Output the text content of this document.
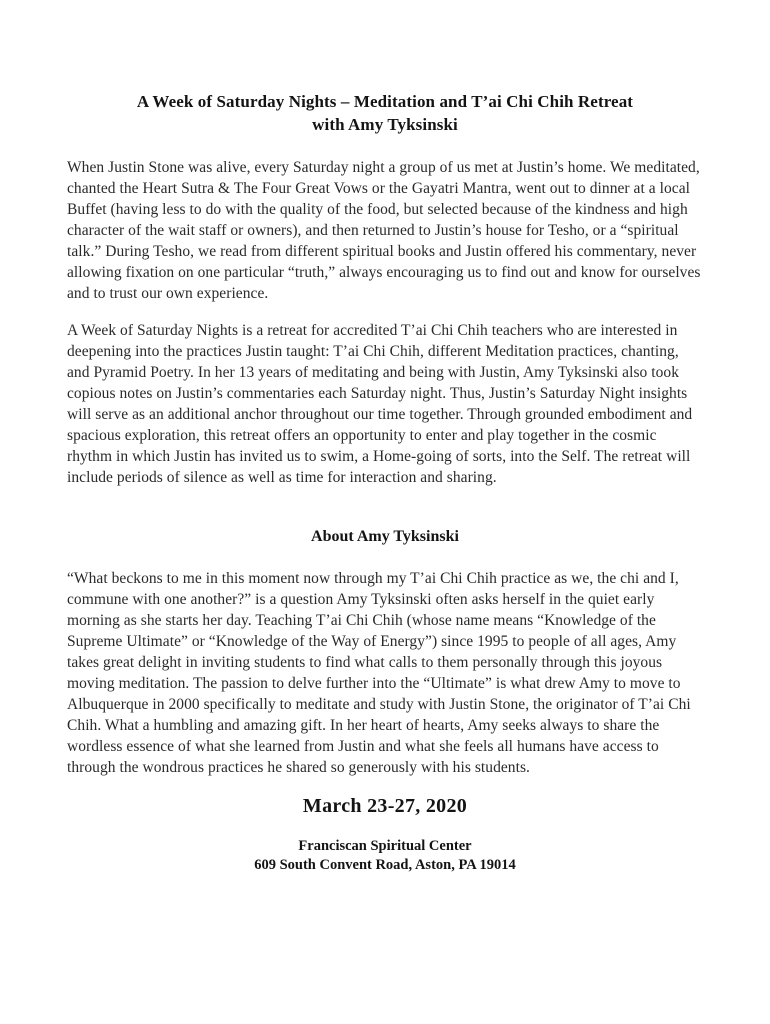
A Week of Saturday Nights – Meditation and T’ai Chi Chih Retreat
with Amy Tyksinski

When Justin Stone was alive, every Saturday night a group of us met at Justin’s home. We meditated, chanted the Heart Sutra & The Four Great Vows or the Gayatri Mantra, went out to dinner at a local Buffet (having less to do with the quality of the food, but selected because of the kindness and high character of the wait staff or owners), and then returned to Justin’s house for Tesho, or a “spiritual talk.” During Tesho, we read from different spiritual books and Justin offered his commentary, never allowing fixation on one particular “truth,” always encouraging us to find out and know for ourselves and to trust our own experience.

A Week of Saturday Nights is a retreat for accredited T’ai Chi Chih teachers who are interested in deepening into the practices Justin taught: T’ai Chi Chih, different Meditation practices, chanting, and Pyramid Poetry. In her 13 years of meditating and being with Justin, Amy Tyksinski also took copious notes on Justin’s commentaries each Saturday night. Thus, Justin’s Saturday Night insights will serve as an additional anchor throughout our time together. Through grounded embodiment and spacious exploration, this retreat offers an opportunity to enter and play together in the cosmic rhythm in which Justin has invited us to swim, a Home-going of sorts, into the Self. The retreat will include periods of silence as well as time for interaction and sharing.

About Amy Tyksinski

“What beckons to me in this moment now through my T’ai Chi Chih practice as we, the chi and I, commune with one another?” is a question Amy Tyksinski often asks herself in the quiet early morning as she starts her day. Teaching T’ai Chi Chih (whose name means “Knowledge of the Supreme Ultimate” or “Knowledge of the Way of Energy”) since 1995 to people of all ages, Amy takes great delight in inviting students to find what calls to them personally through this joyous moving meditation. The passion to delve further into the “Ultimate” is what drew Amy to move to Albuquerque in 2000 specifically to meditate and study with Justin Stone, the originator of T’ai Chi Chih. What a humbling and amazing gift. In her heart of hearts, Amy seeks always to share the wordless essence of what she learned from Justin and what she feels all humans have access to through the wondrous practices he shared so generously with his students.

March 23-27, 2020
Franciscan Spiritual Center
609 South Convent Road, Aston, PA 19014
